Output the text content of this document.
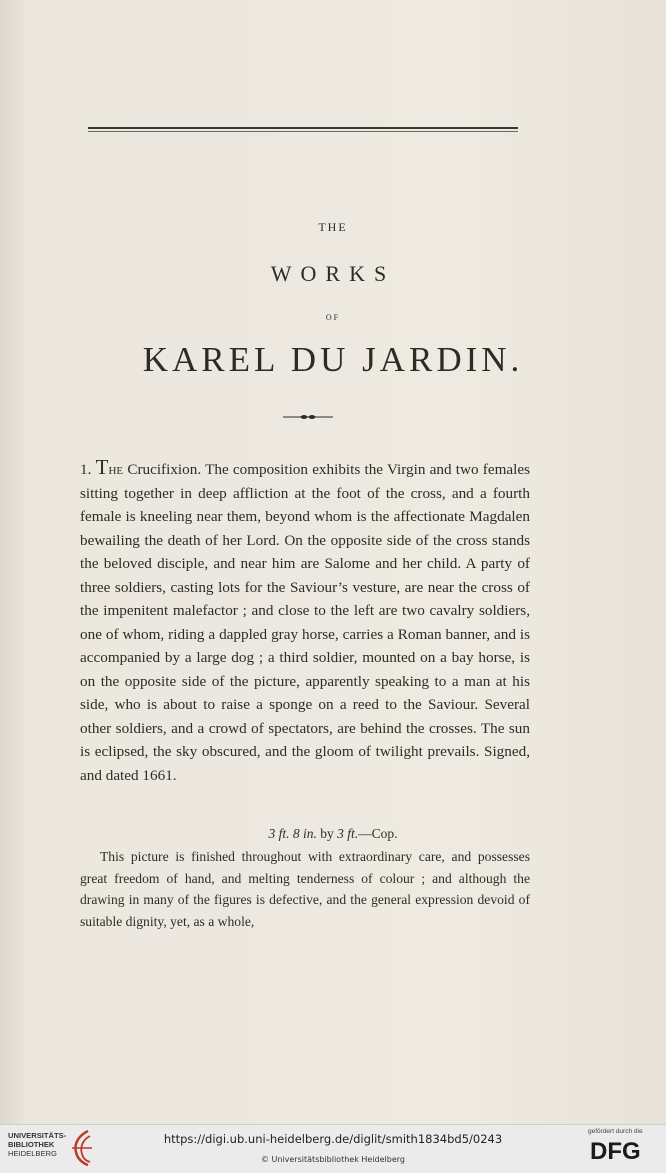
THE
WORKS
OF
KAREL DU JARDIN.
1. The Crucifixion. The composition exhibits the Virgin and two females sitting together in deep affliction at the foot of the cross, and a fourth female is kneeling near them, beyond whom is the affectionate Magdalen bewailing the death of her Lord. On the opposite side of the cross stands the beloved disciple, and near him are Salome and her child. A party of three soldiers, casting lots for the Saviour’s vesture, are near the cross of the impenitent malefactor ; and close to the left are two cavalry soldiers, one of whom, riding a dappled gray horse, carries a Roman banner, and is accompanied by a large dog ; a third soldier, mounted on a bay horse, is on the opposite side of the picture, apparently speaking to a man at his side, who is about to raise a sponge on a reed to the Saviour. Several other soldiers, and a crowd of spectators, are behind the crosses. The sun is eclipsed, the sky obscured, and the gloom of twilight prevails. Signed, and dated 1661.
3 ft. 8 in. by 3 ft.—Cop.
This picture is finished throughout with extraordinary care, and possesses great freedom of hand, and melting tenderness of colour ; and although the drawing in many of the figures is defective, and the general expression devoid of suitable dignity, yet, as a whole,
UNIVERSITÄTS-
BIBLIOTHEK
HEIDELBERG
https://digi.ub.uni-heidelberg.de/diglit/smith1834bd5/0243
© Universitätsbibliothek Heidelberg
gefördert durch die
DFG
